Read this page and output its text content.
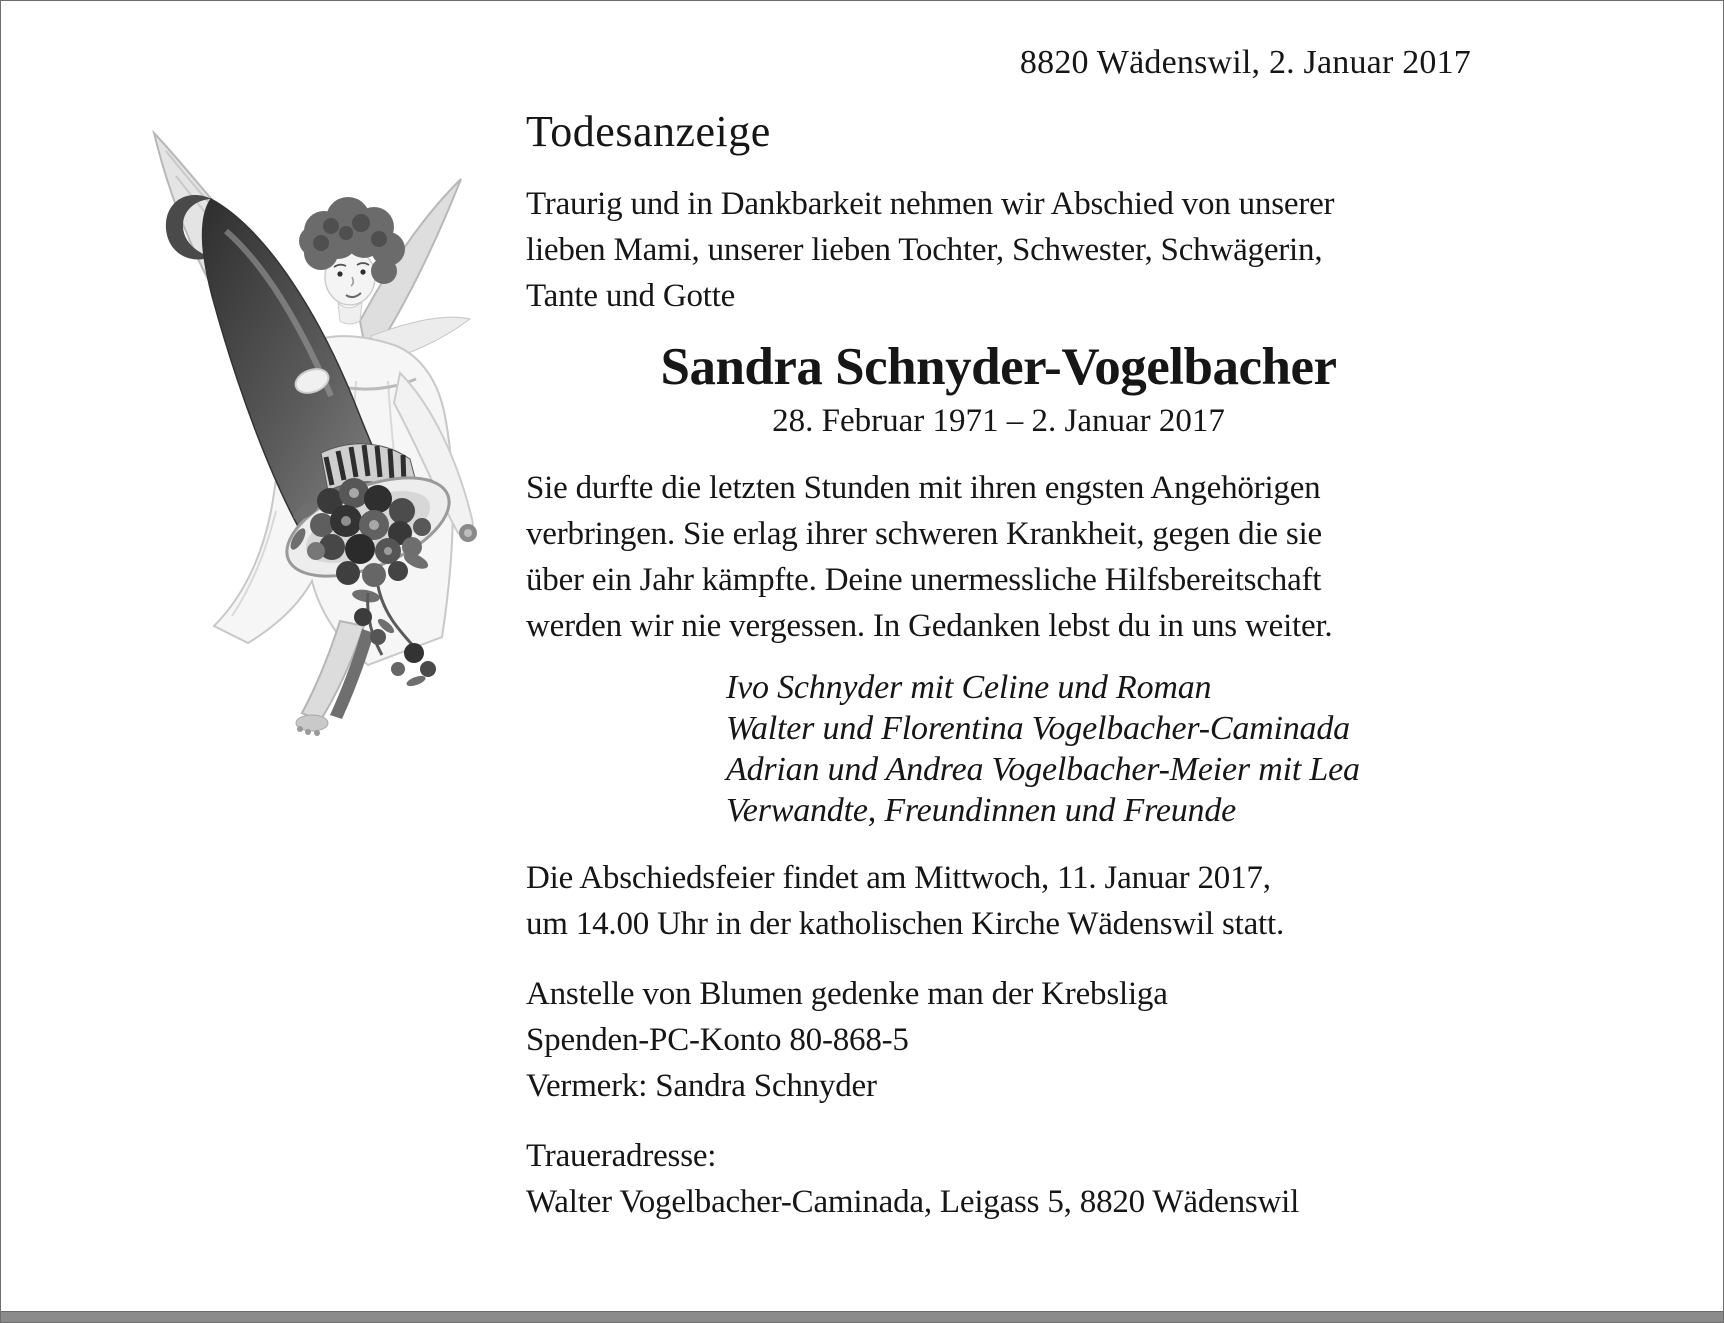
8820 Wädenswil, 2. Januar 2017
Todesanzeige
Traurig und in Dankbarkeit nehmen wir Abschied von unserer
lieben Mami, unserer lieben Tochter, Schwester, Schwägerin,
Tante und Gotte
Sandra Schnyder-Vogelbacher
28. Februar 1971 – 2. Januar 2017
Sie durfte die letzten Stunden mit ihren engsten Angehörigen
verbringen. Sie erlag ihrer schweren Krankheit, gegen die sie
über ein Jahr kämpfte. Deine unermessliche Hilfsbereitschaft
werden wir nie vergessen. In Gedanken lebst du in uns weiter.
Ivo Schnyder mit Celine und Roman
Walter und Florentina Vogelbacher-Caminada
Adrian und Andrea Vogelbacher-Meier mit Lea
Verwandte, Freundinnen und Freunde
Die Abschiedsfeier findet am Mittwoch, 11. Januar 2017,
um 14.00 Uhr in der katholischen Kirche Wädenswil statt.
Anstelle von Blumen gedenke man der Krebsliga
Spenden-PC-Konto 80-868-5
Vermerk: Sandra Schnyder
Traueradresse:
Walter Vogelbacher-Caminada, Leigass 5, 8820 Wädenswil
